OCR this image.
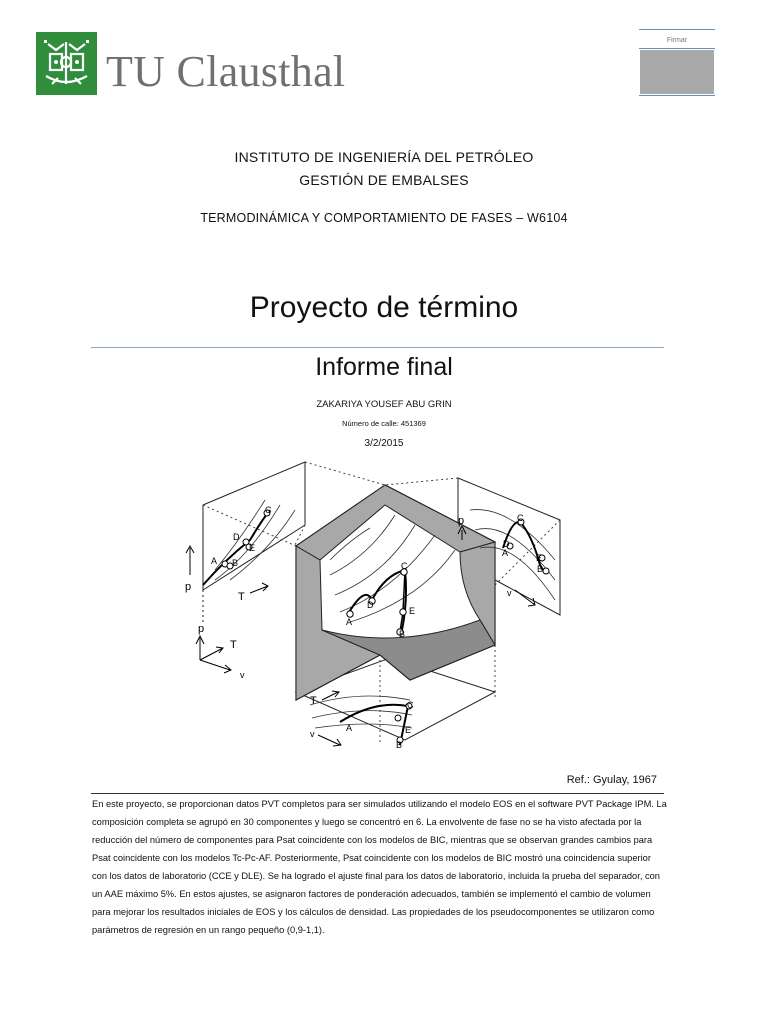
TU Clausthal
Firmar
INSTITUTO DE INGENIERÍA DEL PETRÓLEO
GESTIÓN DE EMBALSES
TERMODINÁMICA Y COMPORTAMIENTO DE FASES – W6104
Proyecto de término
Informe final
ZAKARIYA YOUSEF ABU GRIN
Número de calle: 451369
3/2/2015
C
D
E
A
B
C
D
E
A B
C
D
A	E
B
C
E
A
B
p
T
p
v
p
T
v
T
v
Ref.: Gyulay, 1967
En este proyecto, se proporcionan datos PVT completos para ser simulados utilizando el modelo EOS en el software PVT Package IPM. La composición completa se agrupó en 30 componentes y luego se concentró en 6. La envolvente de fase no se ha visto afectada por la reducción del número de componentes para Psat coincidente con los modelos de BIC, mientras que se observan grandes cambios para Psat coincidente con los modelos Tc-Pc-AF. Posteriormente, Psat coincidente con los modelos de BIC mostró una coincidencia superior con los datos de laboratorio (CCE y DLE). Se ha logrado el ajuste final para los datos de laboratorio, incluida la prueba del separador, con un AAE máximo 5%. En estos ajustes, se asignaron factores de ponderación adecuados, también se implementó el cambio de volumen para mejorar los resultados iniciales de EOS y los cálculos de densidad. Las propiedades de los pseudocomponentes se utilizaron como parámetros de regresión en un rango pequeño (0,9-1,1).
